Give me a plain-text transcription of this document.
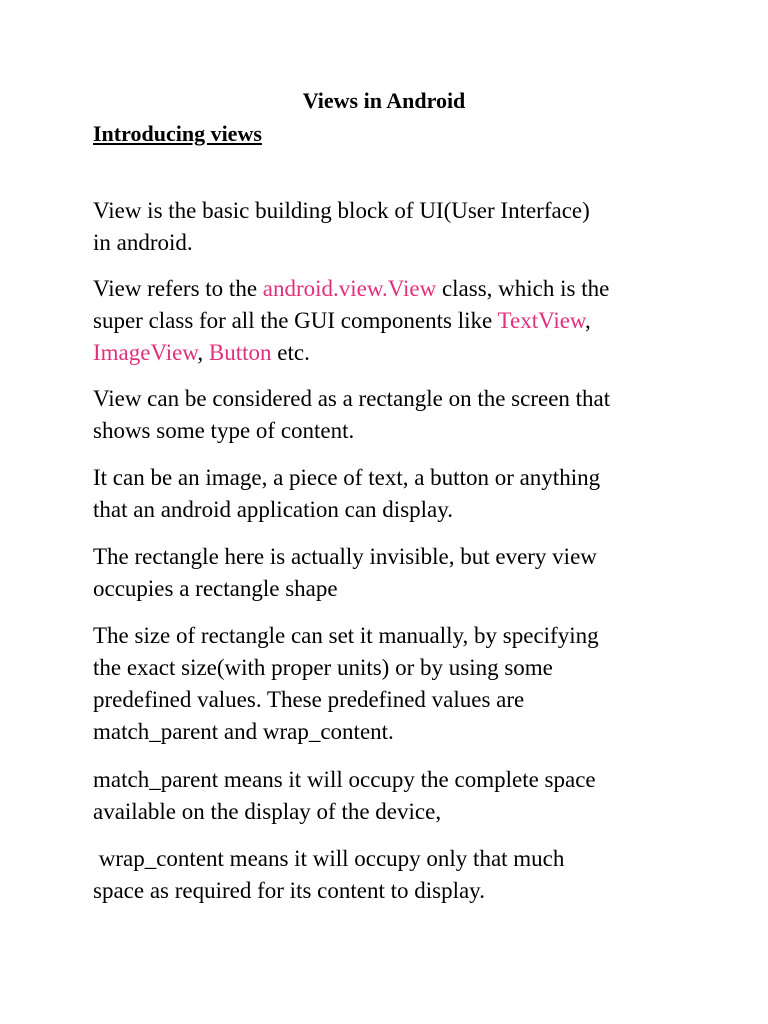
Views in Android
Introducing views

View is the basic building block of UI(User Interface)
in android.

View refers to the android.view.View class, which is the
super class for all the GUI components like TextView,
ImageView, Button etc.

View can be considered as a rectangle on the screen that
shows some type of content.

It can be an image, a piece of text, a button or anything
that an android application can display.

The rectangle here is actually invisible, but every view
occupies a rectangle shape

The size of rectangle can set it manually, by specifying
the exact size(with proper units) or by using some
predefined values. These predefined values are
match_parent and wrap_content.

match_parent means it will occupy the complete space
available on the display of the device,

wrap_content means it will occupy only that much
space as required for its content to display.
